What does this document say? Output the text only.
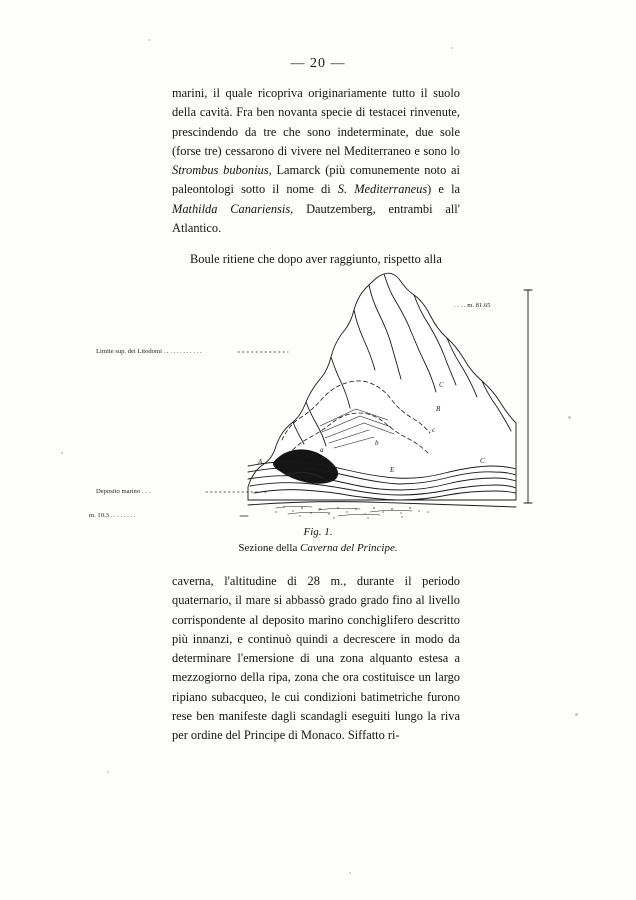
— 20 —

marini, il quale ricopriva originariamente tutto il suolo della cavità. Fra ben novanta specie di testacei rinvenute, prescindendo da tre che sono indeterminate, due sole (forse tre) cessarono di vivere nel Mediterraneo e sono lo Strombus bubonius, Lamarck (più comunemente noto ai paleontologi sotto il nome di S. Mediterraneus) e la Mathilda Canariensis, Dautzemberg, entrambi all' Atlantico.

Boule ritiene che dopo aver raggiunto, rispetto alla

Limite sup. dei Litodomi . . . . . . . . . . . .
Deposito marino . . .
m. 10.3 . . . . . . . .
. . . . m. 81.65
a
b
c
B
C
A
E
C
Fig. 1.
Sezione della Caverna del Principe.

caverna, l'altitudine di 28 m., durante il periodo quaternario, il mare si abbassò grado grado fino al livello corrispondente al deposito marino conchiglifero descritto più innanzi, e continuò quindi a decrescere in modo da determinare l'emersione di una zona alquanto estesa a mezzogiorno della ripa, zona che ora costituisce un largo ripiano subacqueo, le cui condizioni batimetriche furono rese ben manifeste dagli scandagli eseguiti lungo la riva per ordine del Principe di Monaco. Siffatto ri-
